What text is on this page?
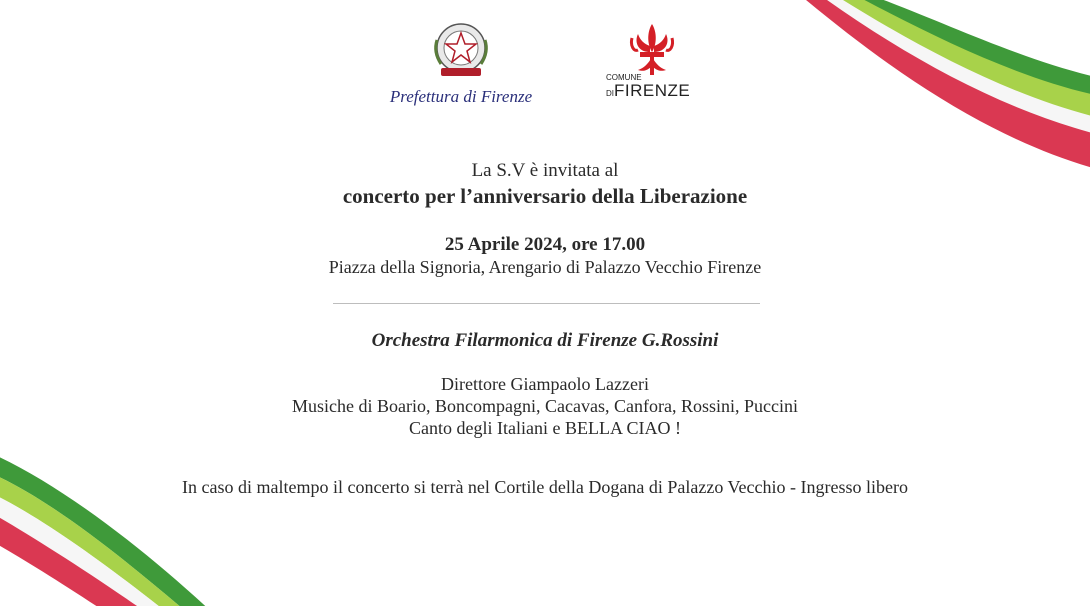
Prefettura di Firenze
COMUNE
DIFIRENZE
La S.V è invitata al
concerto per l’anniversario della Liberazione
25 Aprile 2024, ore 17.00
Piazza della Signoria, Arengario di Palazzo Vecchio Firenze
Orchestra Filarmonica di Firenze G.Rossini
Direttore Giampaolo Lazzeri
Musiche di Boario, Boncompagni, Cacavas, Canfora, Rossini, Puccini
Canto degli Italiani e BELLA CIAO !
In caso di maltempo il concerto si terrà nel Cortile della Dogana di Palazzo Vecchio - Ingresso libero
